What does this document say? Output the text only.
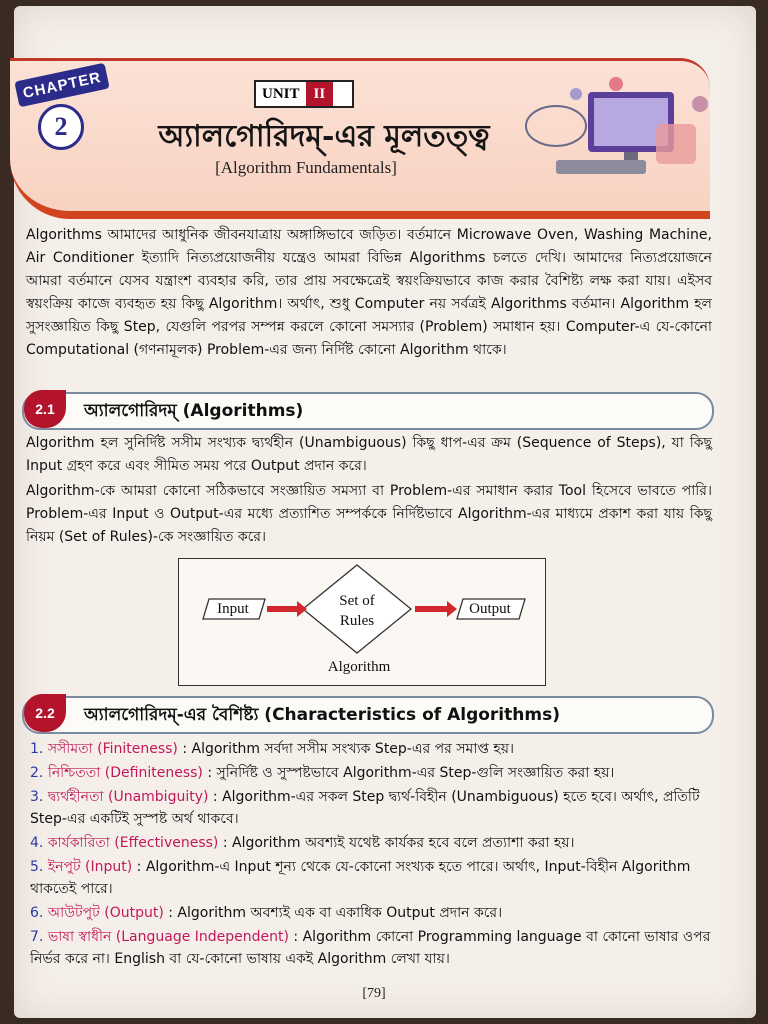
CHAPTER
2
UNIT II
অ্যালগোরিদম্‌-এর মূলতত্ত্ব
[Algorithm Fundamentals]
Algorithms আমাদের আধুনিক জীবনযাত্রায় অঙ্গাঙ্গিভাবে জড়িত। বর্তমানে Microwave Oven, Washing Machine, Air Conditioner ইত্যাদি নিত্যপ্রয়োজনীয় যন্ত্রেও আমরা বিভিন্ন Algorithms চলতে দেখি। আমাদের নিত্যপ্রয়োজনে আমরা বর্তমানে যেসব যন্ত্রাংশ ব্যবহার করি, তার প্রায় সবক্ষেত্রেই স্বয়ংক্রিয়ভাবে কাজ করার বৈশিষ্ট্য লক্ষ করা যায়। এইসব স্বয়ংক্রিয় কাজে ব্যবহৃত হয় কিছু Algorithm। অর্থাৎ, শুধু Computer নয় সর্বত্রই Algorithms বর্তমান। Algorithm হল সুসংজ্ঞায়িত কিছু Step, যেগুলি পরপর সম্পন্ন করলে কোনো সমস্যার (Problem) সমাধান হয়। Computer-এ যে-কোনো Computational (গণনামূলক) Problem-এর জন্য নির্দিষ্ট কোনো Algorithm থাকে।
2.1	অ্যালগোরিদম্‌ (Algorithms)
Algorithm হল সুনির্দিষ্ট সসীম সংখ্যক দ্ব্যর্থহীন (Unambiguous) কিছু ধাপ-এর ক্রম (Sequence of Steps), যা কিছু Input গ্রহণ করে এবং সীমিত সময় পরে Output প্রদান করে।
Algorithm-কে আমরা কোনো সঠিকভাবে সংজ্ঞায়িত সমস্যা বা Problem-এর সমাধান করার Tool হিসেবে ভাবতে পারি। Problem-এর Input ও Output-এর মধ্যে প্রত্যাশিত সম্পর্ককে নির্দিষ্টভাবে Algorithm-এর মাধ্যমে প্রকাশ করা যায় কিছু নিয়ম (Set of Rules)-কে সংজ্ঞায়িত করে।
Input	Set of
Rules
Output
Algorithm
2.2	অ্যালগোরিদম্‌-এর বৈশিষ্ট্য (Characteristics of Algorithms)
1. সসীমতা (Finiteness) : Algorithm সর্বদা সসীম সংখ্যক Step-এর পর সমাপ্ত হয়।
2. নিশ্চিততা (Definiteness) : সুনির্দিষ্ট ও সুস্পষ্টভাবে Algorithm-এর Step-গুলি সংজ্ঞায়িত করা হয়।
3. দ্ব্যর্থহীনতা (Unambiguity) : Algorithm-এর সকল Step দ্ব্যর্থ-বিহীন (Unambiguous) হতে হবে। অর্থাৎ, প্রতিটি Step-এর একটিই সুস্পষ্ট অর্থ থাকবে।
4. কার্যকারিতা (Effectiveness) : Algorithm অবশ্যই যথেষ্ট কার্যকর হবে বলে প্রত্যাশা করা হয়।
5. ইনপুট (Input) : Algorithm-এ Input শূন্য থেকে যে-কোনো সংখ্যক হতে পারে। অর্থাৎ, Input-বিহীন Algorithm থাকতেই পারে।
6. আউটপুট (Output) : Algorithm অবশ্যই এক বা একাধিক Output প্রদান করে।
7. ভাষা স্বাধীন (Language Independent) : Algorithm কোনো Programming language বা কোনো ভাষার ওপর নির্ভর করে না। English বা যে-কোনো ভাষায় একই Algorithm লেখা যায়।
[79]
